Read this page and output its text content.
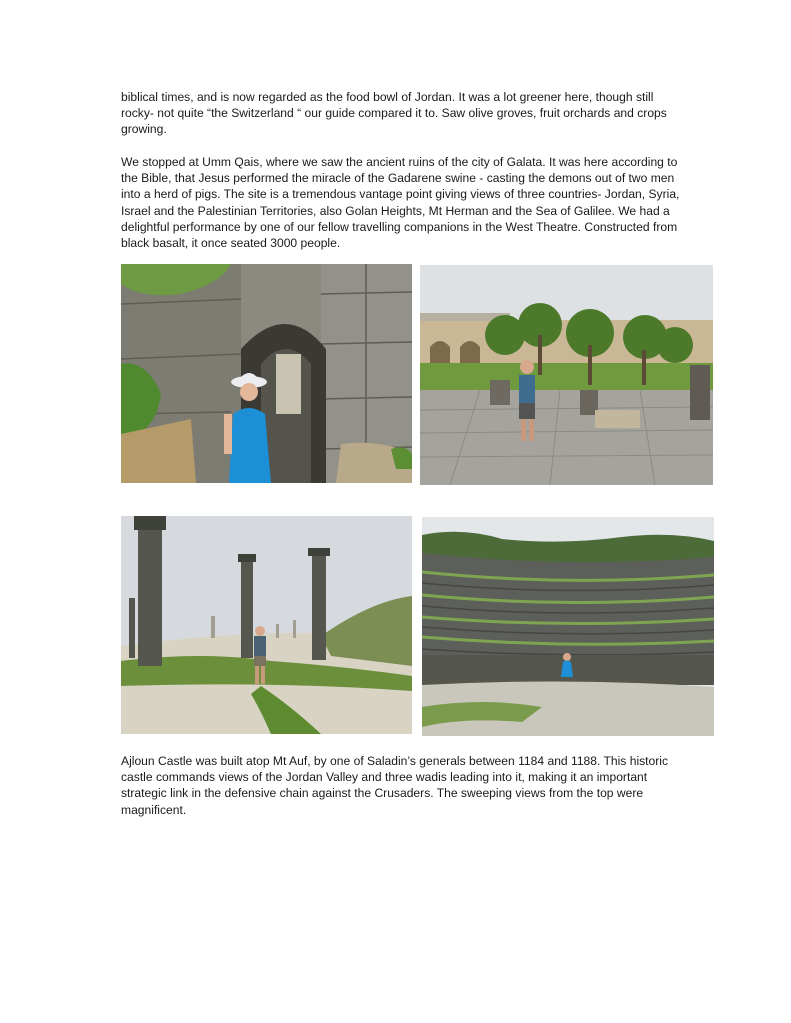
biblical times, and is now regarded as the food bowl of Jordan. It was a lot greener here, though still rocky- not quite “the Switzerland “ our guide compared it to. Saw olive groves, fruit orchards and crops growing.

We stopped at Umm Qais, where we saw the ancient ruins of the city of Galata. It was here according to the Bible, that Jesus performed the miracle of the Gadarene swine - casting the demons out of two men into a herd of pigs. The site is a tremendous vantage point giving views of three countries- Jordan, Syria, Israel and the Palestinian Territories, also Golan Heights, Mt Herman and the Sea of Galilee. We had a delightful performance by one of our fellow travelling companions in the West Theatre. Constructed from black basalt, it once seated 3000 people.

Ajloun Castle was built atop Mt Auf, by one of Saladin’s generals between 1184 and 1188. This historic castle commands views of the Jordan Valley and three wadis leading into it, making it an important strategic link in the defensive chain against the Crusaders. The sweeping views from the top were magnificent.
